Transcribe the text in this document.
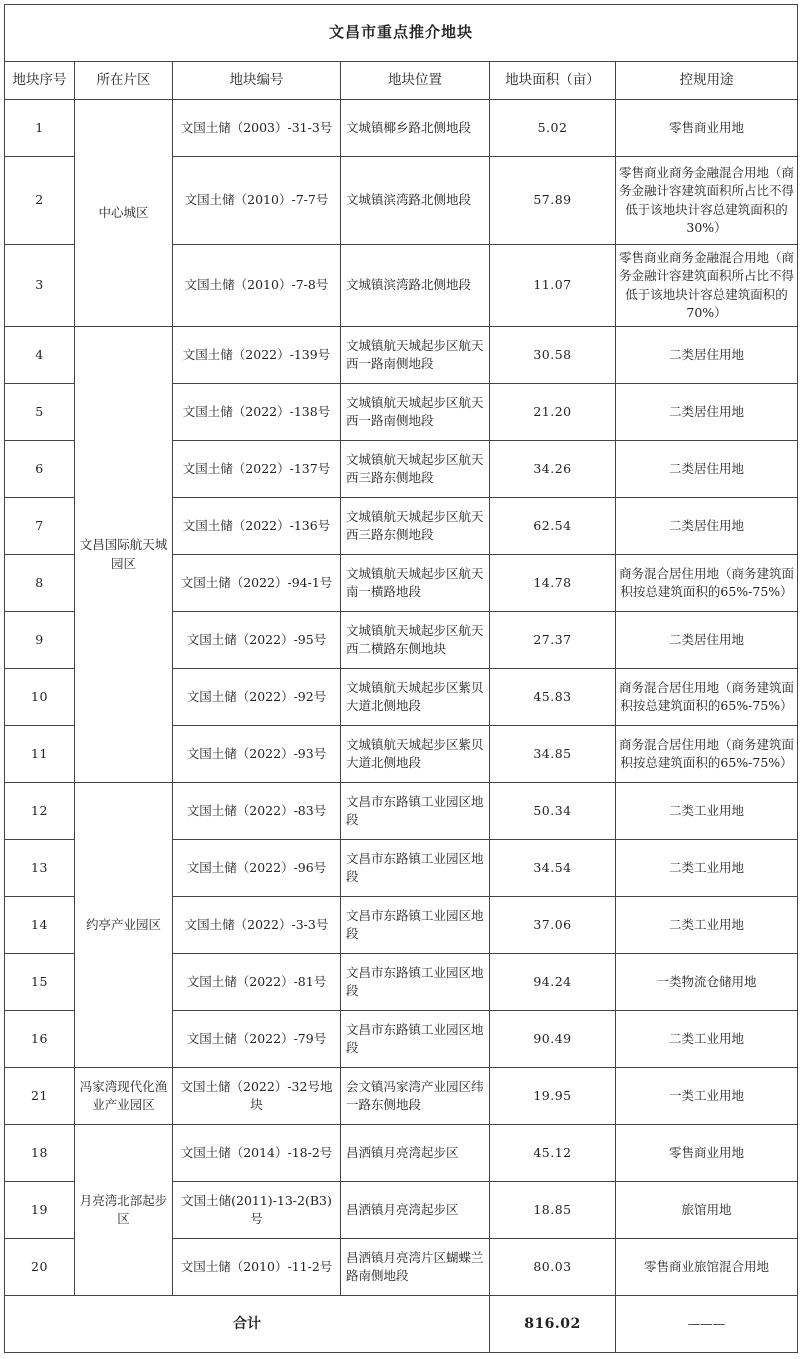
文昌市重点推介地块					
地块序号	所在片区	地块编号	地块位置	地块面积（亩）	控规用途
1	中心城区	文国土储（2003）-31-3号	文城镇椰乡路北侧地段	5.02	零售商业用地
2		文国土储（2010）-7-7号	文城镇滨湾路北侧地段	57.89	零售商业商务金融混合用地（商务金融计容建筑面积所占比不得低于该地块计容总建筑面积的30%）
3		文国土储（2010）-7-8号	文城镇滨湾路北侧地段	11.07	零售商业商务金融混合用地（商务金融计容建筑面积所占比不得低于该地块计容总建筑面积的70%）
4	文昌国际航天城园区	文国土储（2022）-139号	文城镇航天城起步区航天西一路南侧地段	30.58	二类居住用地
5		文国土储（2022）-138号	文城镇航天城起步区航天西一路南侧地段	21.20	二类居住用地
6		文国土储（2022）-137号	文城镇航天城起步区航天西三路东侧地段	34.26	二类居住用地
7		文国土储（2022）-136号	文城镇航天城起步区航天西三路东侧地段	62.54	二类居住用地
8		文国土储（2022）-94-1号	文城镇航天城起步区航天南一横路地段	14.78	商务混合居住用地（商务建筑面积按总建筑面积的65%-75%）
9		文国土储（2022）-95号	文城镇航天城起步区航天西二横路东侧地块	27.37	二类居住用地
10		文国土储（2022）-92号	文城镇航天城起步区紫贝大道北侧地段	45.83	商务混合居住用地（商务建筑面积按总建筑面积的65%-75%）
11		文国土储（2022）-93号	文城镇航天城起步区紫贝大道北侧地段	34.85	商务混合居住用地（商务建筑面积按总建筑面积的65%-75%）
12	约亭产业园区	文国土储（2022）-83号	文昌市东路镇工业园区地段	50.34	二类工业用地
13		文国土储（2022）-96号	文昌市东路镇工业园区地段	34.54	二类工业用地
14		文国土储（2022）-3-3号	文昌市东路镇工业园区地段	37.06	二类工业用地
15		文国土储（2022）-81号	文昌市东路镇工业园区地段	94.24	一类物流仓储用地
16		文国土储（2022）-79号	文昌市东路镇工业园区地段	90.49	二类工业用地
21	冯家湾现代化渔业产业园区	文国土储（2022）-32号地块	会文镇冯家湾产业园区纬一路东侧地段	19.95	一类工业用地
18	月亮湾北部起步区	文国土储（2014）-18-2号	昌洒镇月亮湾起步区	45.12	零售商业用地
19		文国土储(2011)-13-2(B3)号	昌洒镇月亮湾起步区	18.85	旅馆用地
20		文国土储（2010）-11-2号	昌洒镇月亮湾片区蝴蝶兰路南侧地段	80.03	零售商业旅馆混合用地
合计				816.02	———
